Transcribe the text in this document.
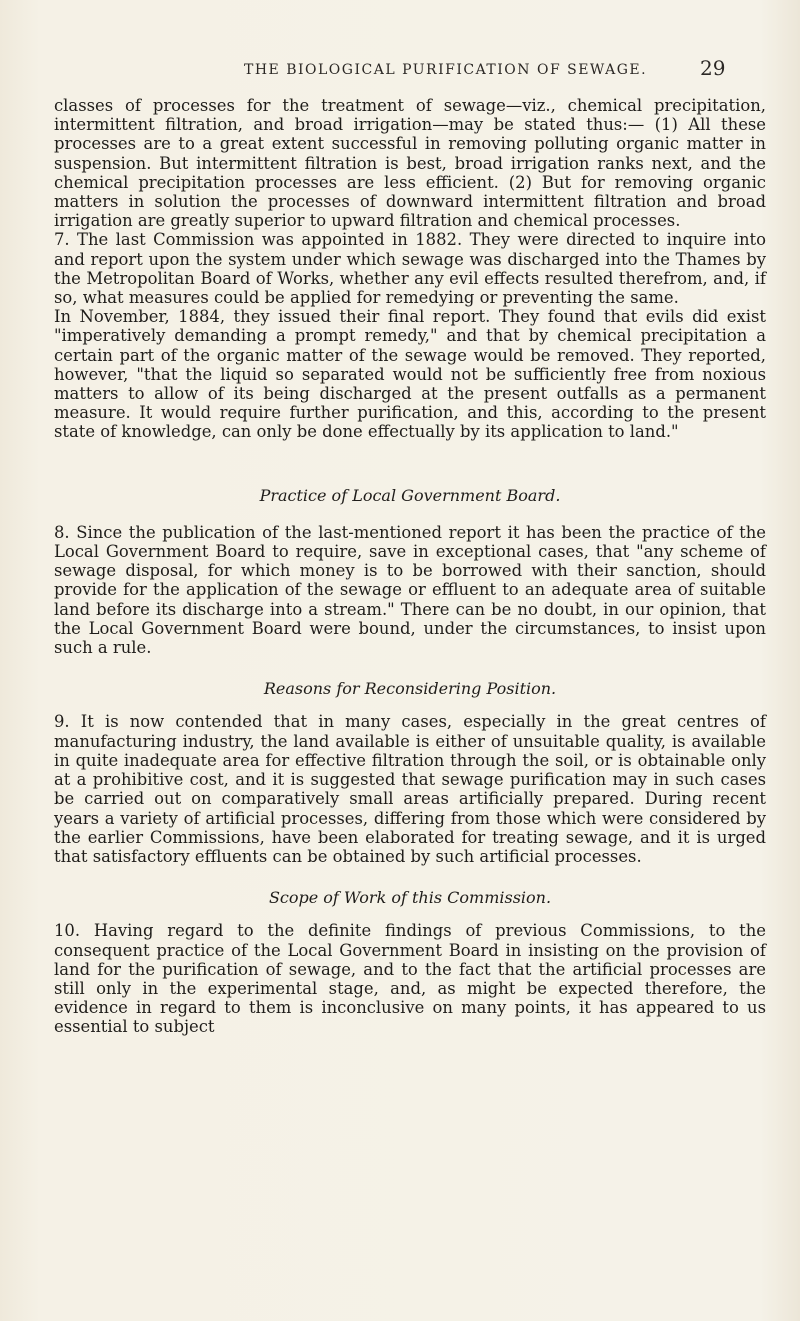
THE BIOLOGICAL PURIFICATION OF SEWAGE.	29

classes of processes for the treatment of sewage—viz., chemical precipitation, intermittent filtration, and broad irrigation—may be stated thus:— (1) All these processes are to a great extent successful in removing polluting organic matter in suspension. But intermittent filtration is best, broad irrigation ranks next, and the chemical precipitation processes are less efficient. (2) But for removing organic matters in solution the processes of downward intermittent filtration and broad irrigation are greatly superior to upward filtration and chemical processes.

7. The last Commission was appointed in 1882. They were directed to inquire into and report upon the system under which sewage was discharged into the Thames by the Metropolitan Board of Works, whether any evil effects resulted therefrom, and, if so, what measures could be applied for remedying or preventing the same.

In November, 1884, they issued their final report. They found that evils did exist "imperatively demanding a prompt remedy," and that by chemical precipitation a certain part of the organic matter of the sewage would be removed. They reported, however, "that the liquid so separated would not be sufficiently free from noxious matters to allow of its being discharged at the present outfalls as a permanent measure. It would require further purification, and this, according to the present state of knowledge, can only be done effectually by its application to land."

Practice of Local Government Board.

8. Since the publication of the last-mentioned report it has been the practice of the Local Government Board to require, save in exceptional cases, that "any scheme of sewage disposal, for which money is to be borrowed with their sanction, should provide for the application of the sewage or effluent to an adequate area of suitable land before its discharge into a stream." There can be no doubt, in our opinion, that the Local Government Board were bound, under the circumstances, to insist upon such a rule.

Reasons for Reconsidering Position.

9. It is now contended that in many cases, especially in the great centres of manufacturing industry, the land available is either of unsuitable quality, is available in quite inadequate area for effective filtration through the soil, or is obtainable only at a prohibitive cost, and it is suggested that sewage purification may in such cases be carried out on comparatively small areas artificially prepared. During recent years a variety of artificial processes, differing from those which were considered by the earlier Commissions, have been elaborated for treating sewage, and it is urged that satisfactory effluents can be obtained by such artificial processes.

Scope of Work of this Commission.

10. Having regard to the definite findings of previous Commissions, to the consequent practice of the Local Government Board in insisting on the provision of land for the purification of sewage, and to the fact that the artificial processes are still only in the experimental stage, and, as might be expected therefore, the evidence in regard to them is inconclusive on many points, it has appeared to us essential to subject
